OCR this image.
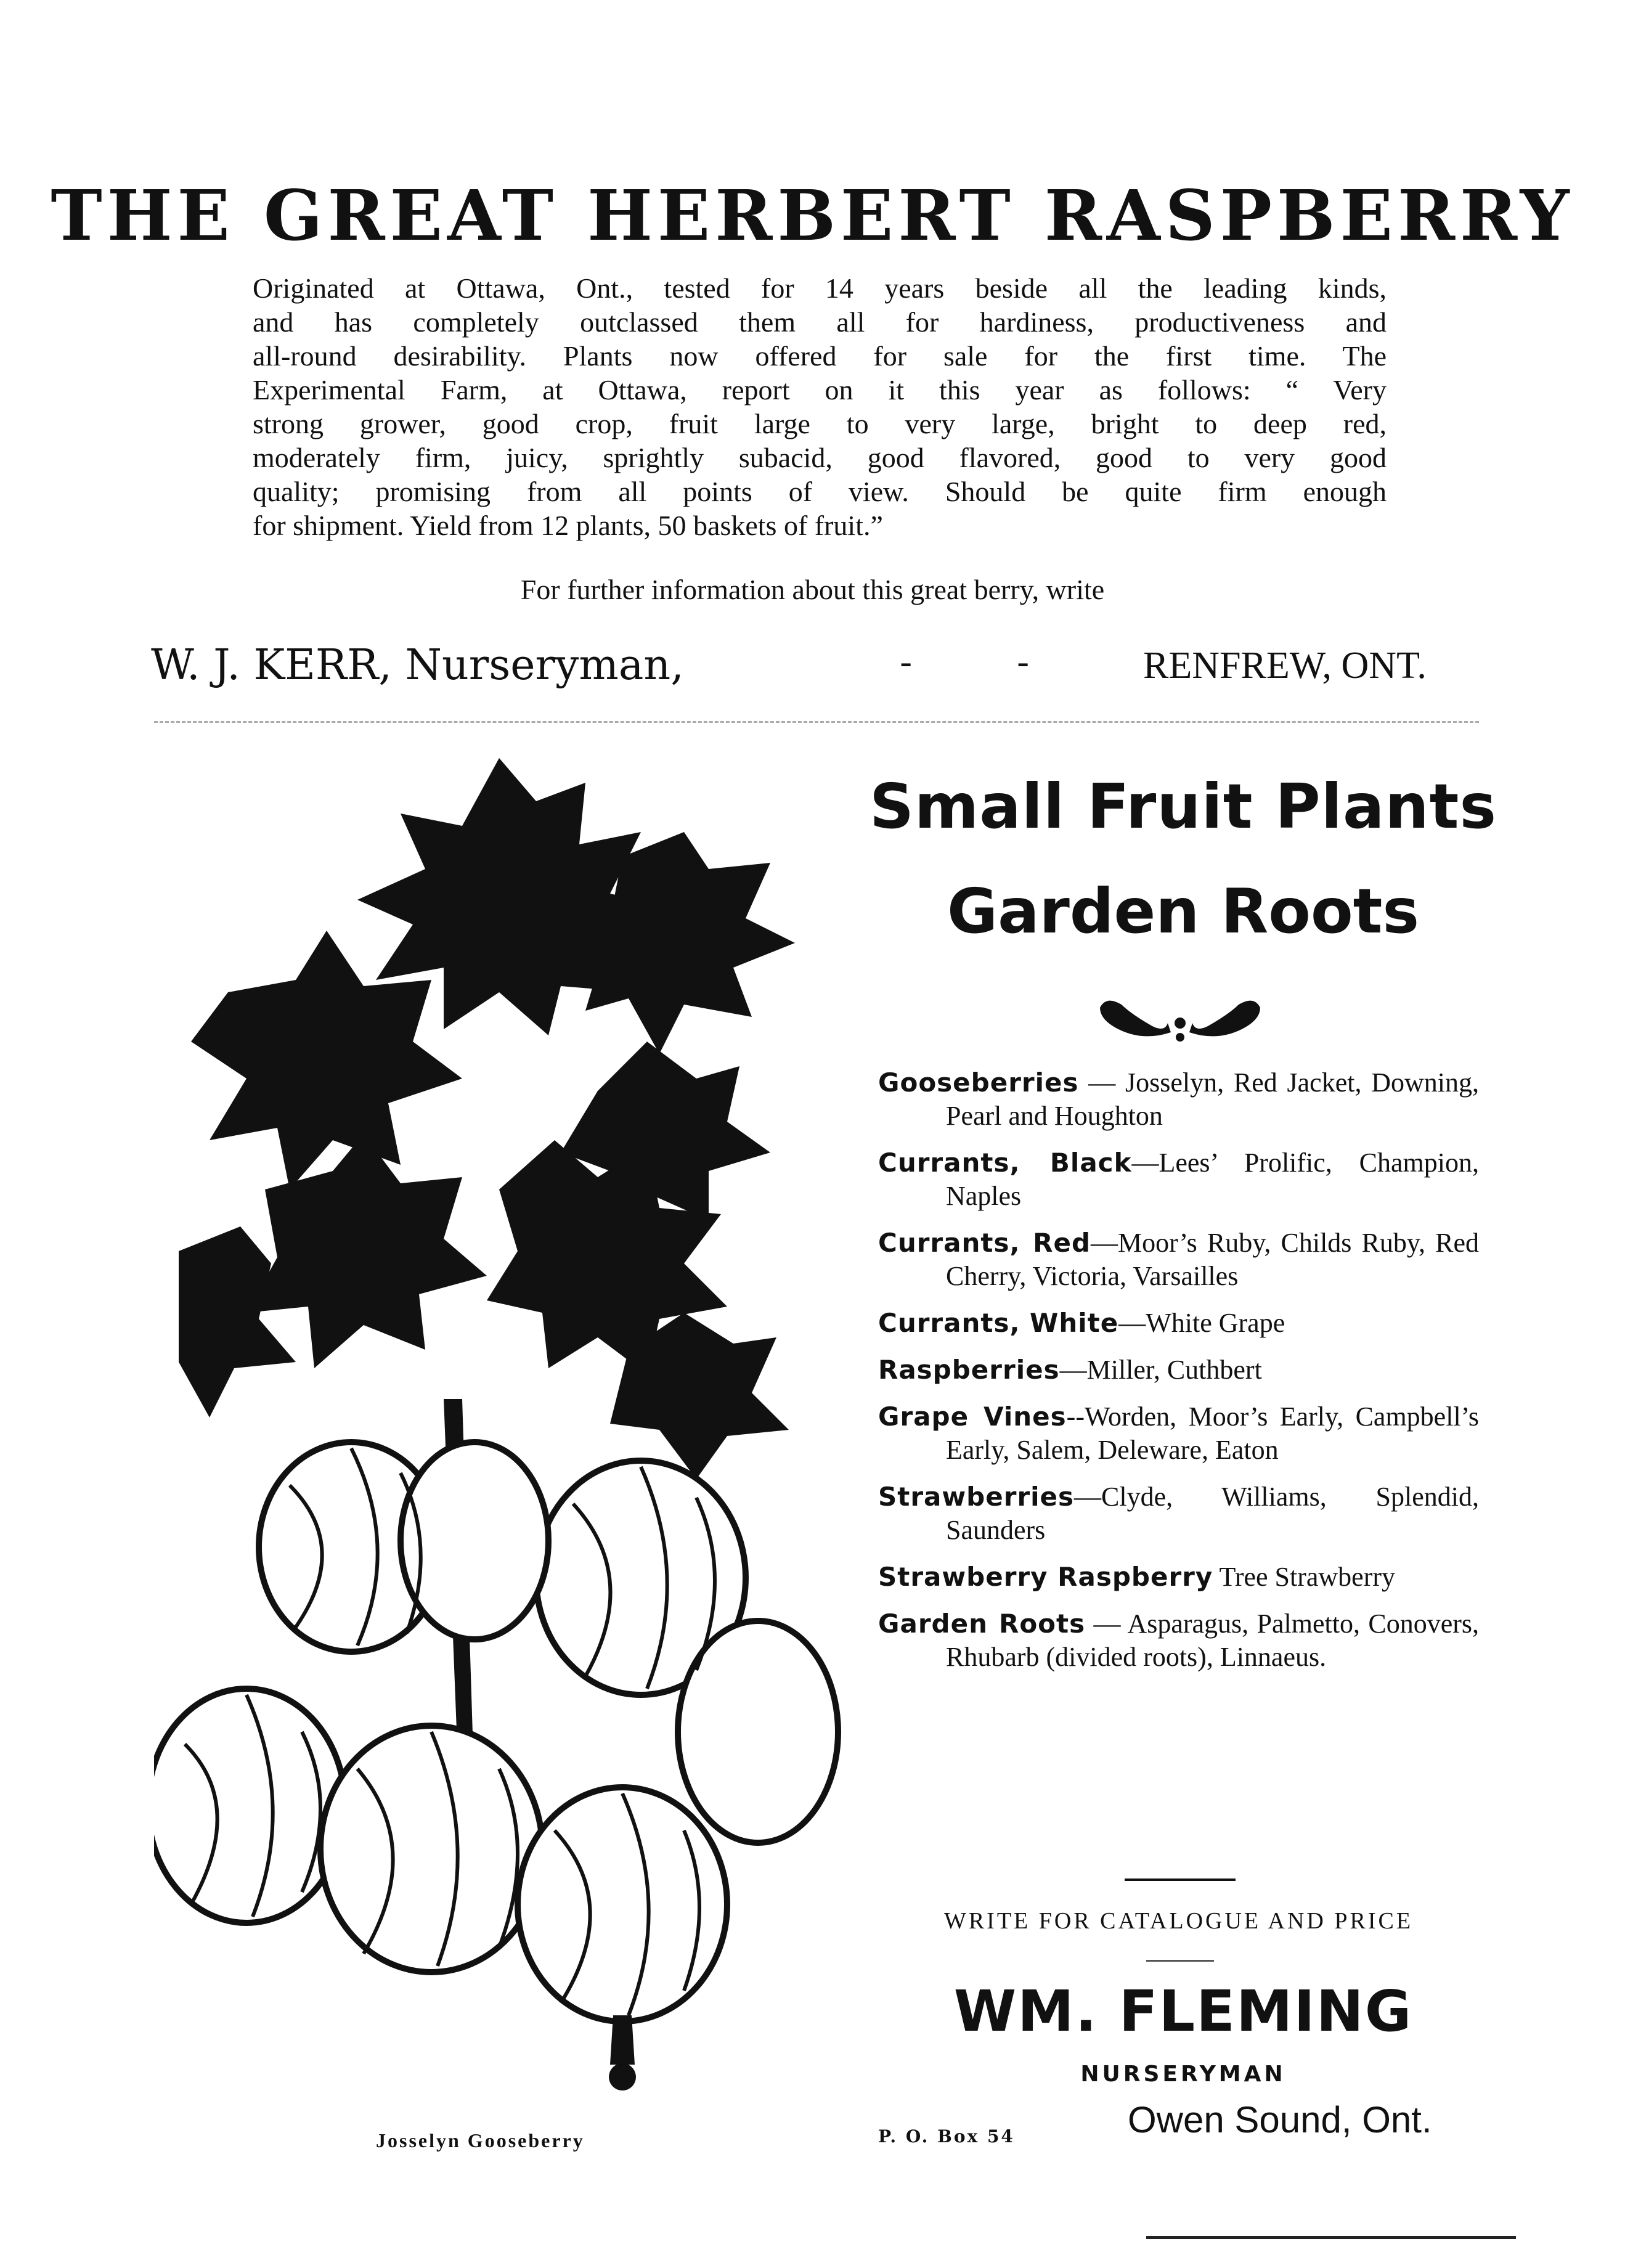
THE GREAT HERBERT RASPBERRY
Originated at Ottawa, Ont., tested for 14 years beside all the leading kinds,
and has completely outclassed them all for hardiness, productiveness and
all-round desirability. Plants now offered for sale for the first time. The
Experimental Farm, at Ottawa, report on it this year as follows: “ Very
strong grower, good crop, fruit large to very large, bright to deep red,
moderately firm, juicy, sprightly subacid, good flavored, good to very good
quality; promising from all points of view. Should be quite firm enough
for shipment. Yield from 12 plants, 50 baskets of fruit.”
For further information about this great berry, write
W. J. KERR, Nurseryman,	-	-	RENFREW, ONT.
Josselyn Gooseberry
Small Fruit Plants
Garden Roots
Gooseberries — Josselyn, Red Jacket, Downing, Pearl and Houghton
Currants, Black—Lees’ Prolific, Champion, Naples
Currants, Red—Moor’s Ruby, Childs Ruby, Red Cherry, Victoria, Varsailles
Currants, White—White Grape
Raspberries—Miller, Cuthbert
Grape Vines--Worden, Moor’s Early, Campbell’s Early, Salem, Deleware, Eaton
Strawberries—Clyde, Williams, Splendid, Saunders
Strawberry Raspberry Tree Strawberry
Garden Roots — Asparagus, Palmetto, Conovers, Rhubarb (divided roots), Linnaeus.
WRITE FOR CATALOGUE AND PRICE
WM. FLEMING
NURSERYMAN
P. O. Box 54	Owen Sound, Ont.
